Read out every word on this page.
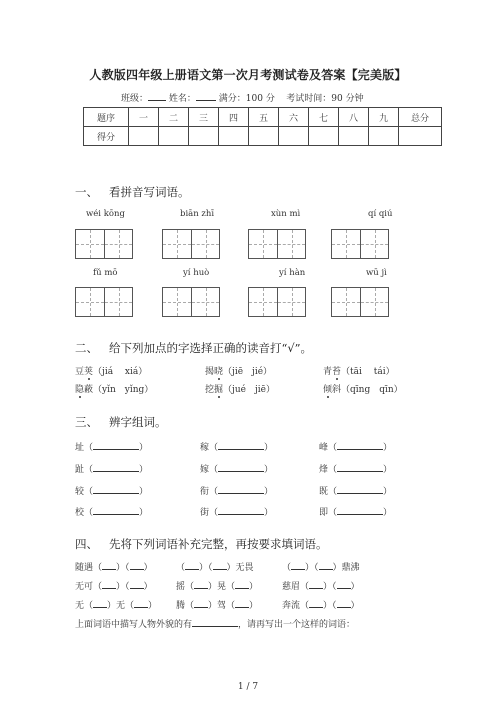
人教版四年级上册语文第一次月考测试卷及答案【完美版】
班级： 姓名：	满分：100 分 考试时间：90 分钟
题序	一	二	三	四	五	六	七	八	九	总分
得分										
一、 看拼音写词语。
wéi kōng	biān zhī	xùn mì	qí qiú
fǔ mō	yí huò	yí hàn	wū jì
二、 给下列加点的字选择正确的读音打“√”。
豆荚（jiá　 xiá）	揭晓（jiē　jié）	青苔（tāi　 tái）
隐蔽（yǐn　yǐng）	挖掘（jué　jiē）	倾斜（qīng　qīn）
三、 辨字组词。
址（	）	稼（	）	峰（	）
趾（	）	嫁（	）	烽（	）
较（	）	衔（	）	既（	）
校（	）	街（	）	即（	）
四、 先将下列词语补充完整，再按要求填词语。
随遇（ ）（ ）	（ ）（ ）无畏	（ ）（ ）鼎沸
无可（ ）（ ）	摇（ ）晃（ ）	慈眉（ ）（ ）
无（ ）无（ ） 腾（ ）驾（ ）	奔流（ ）（ ）
上面词语中描写人物外貌的有	，请再写出一个这样的词语：
1 / 7
